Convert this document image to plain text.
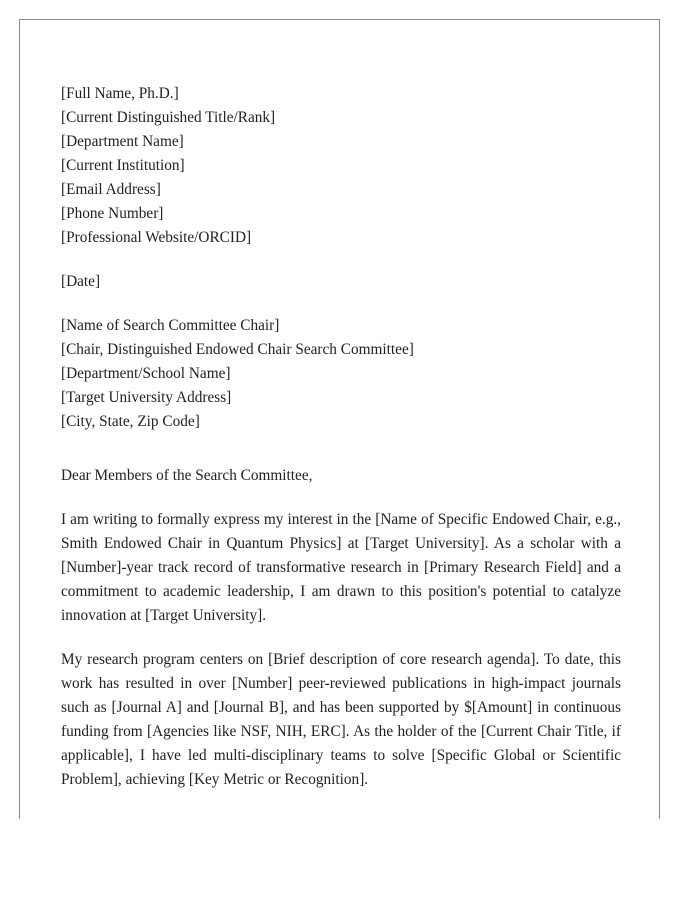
[Full Name, Ph.D.]
[Current Distinguished Title/Rank]
[Department Name]
[Current Institution]
[Email Address]
[Phone Number]
[Professional Website/ORCID]
[Date]
[Name of Search Committee Chair]
[Chair, Distinguished Endowed Chair Search Committee]
[Department/School Name]
[Target University Address]
[City, State, Zip Code]
Dear Members of the Search Committee,
I am writing to formally express my interest in the [Name of Specific Endowed Chair, e.g., Smith Endowed Chair in Quantum Physics] at [Target University]. As a scholar with a [Number]-year track record of transformative research in [Primary Research Field] and a commitment to academic leadership, I am drawn to this position's potential to catalyze innovation at [Target University].
My research program centers on [Brief description of core research agenda]. To date, this work has resulted in over [Number] peer-reviewed publications in high-impact journals such as [Journal A] and [Journal B], and has been supported by $[Amount] in continuous funding from [Agencies like NSF, NIH, ERC]. As the holder of the [Current Chair Title, if applicable], I have led multi-disciplinary teams to solve [Specific Global or Scientific Problem], achieving [Key Metric or Recognition].
